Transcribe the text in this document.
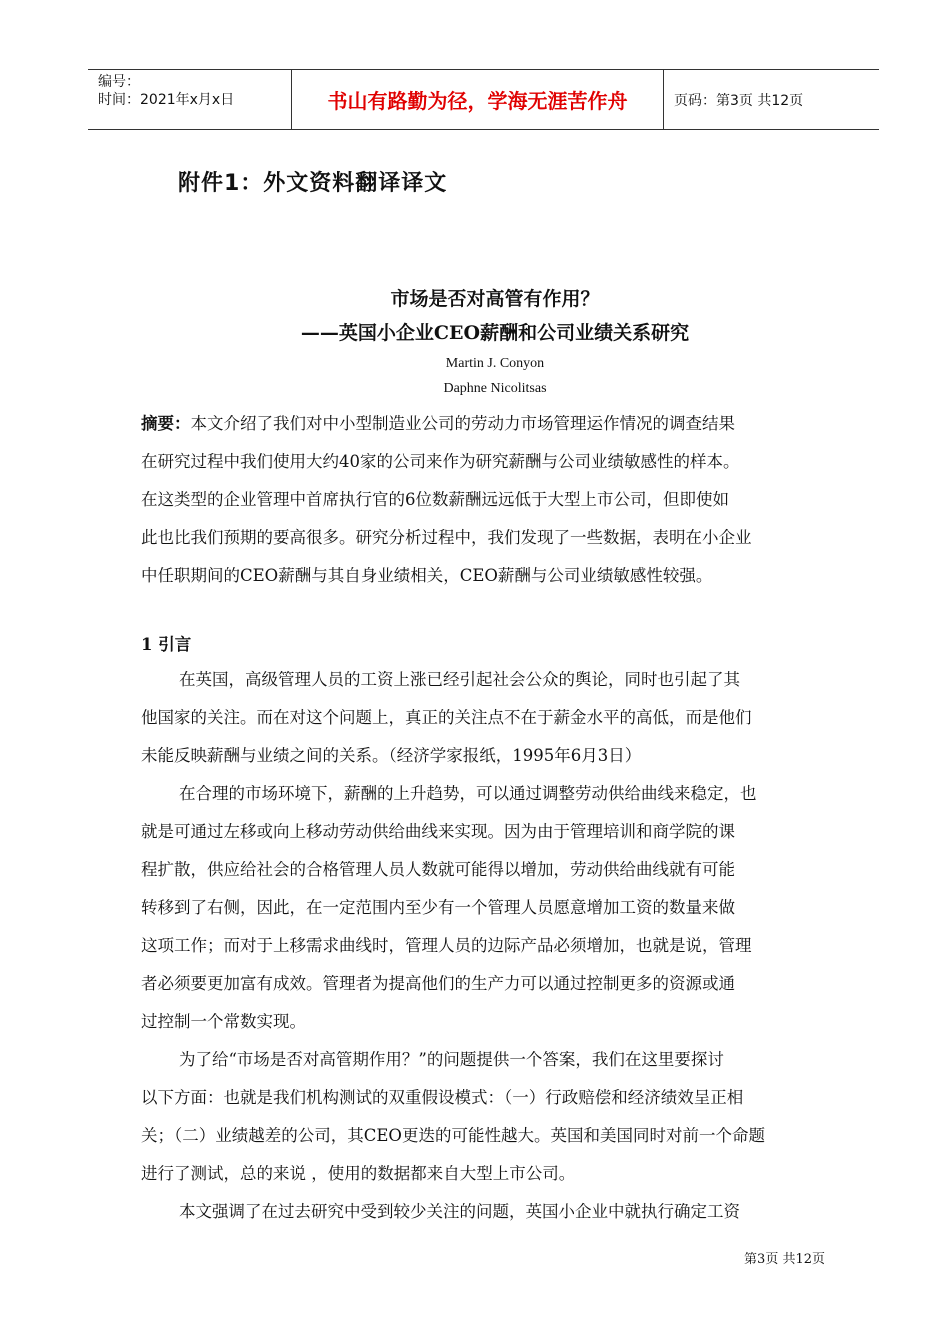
编号：
时间：2021年x月x日	书山有路勤为径，学海无涯苦作舟	页码：第3页 共12页
附件1：外文资料翻译译文
市场是否对高管有作用？
——英国小企业CEO薪酬和公司业绩关系研究
Martin J. Conyon
Daphne Nicolitsas
摘要：本文介绍了我们对中小型制造业公司的劳动力市场管理运作情况的调查结果
在研究过程中我们使用大约40家的公司来作为研究薪酬与公司业绩敏感性的样本。
在这类型的企业管理中首席执行官的6位数薪酬远远低于大型上市公司，但即使如
此也比我们预期的要高很多。研究分析过程中，我们发现了一些数据，表明在小企业
中任职期间的CEO薪酬与其自身业绩相关，CEO薪酬与公司业绩敏感性较强。
1 引言
在英国，高级管理人员的工资上涨已经引起社会公众的舆论，同时也引起了其
他国家的关注。而在对这个问题上，真正的关注点不在于薪金水平的高低，而是他们
未能反映薪酬与业绩之间的关系。（经济学家报纸，1995年6月3日）
在合理的市场环境下，薪酬的上升趋势，可以通过调整劳动供给曲线来稳定，也
就是可通过左移或向上移动劳动供给曲线来实现。因为由于管理培训和商学院的课
程扩散，供应给社会的合格管理人员人数就可能得以增加，劳动供给曲线就有可能
转移到了右侧，因此，在一定范围内至少有一个管理人员愿意增加工资的数量来做
这项工作；而对于上移需求曲线时，管理人员的边际产品必须增加，也就是说，管理
者必须要更加富有成效。管理者为提高他们的生产力可以通过控制更多的资源或通
过控制一个常数实现。
为了给“市场是否对高管期作用？”的问题提供一个答案，我们在这里要探讨
以下方面：也就是我们机构测试的双重假设模式：（一）行政赔偿和经济绩效呈正相
关；（二）业绩越差的公司，其CEO更迭的可能性越大。英国和美国同时对前一个命题
进行了测试，总的来说 ，使用的数据都来自大型上市公司。
本文强调了在过去研究中受到较少关注的问题，英国小企业中就执行确定工资
第3页 共12页
